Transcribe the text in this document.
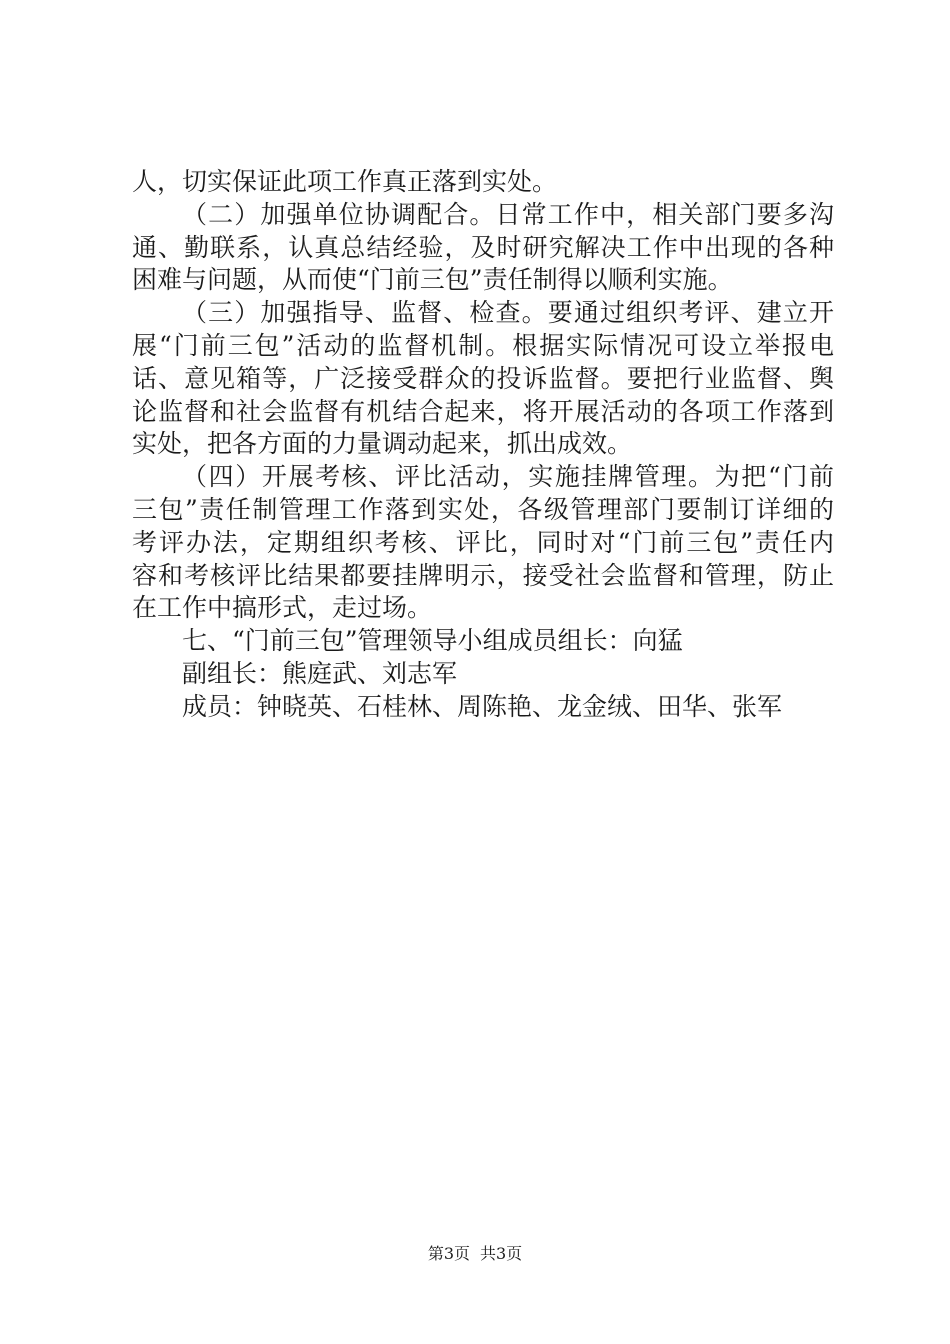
人，切实保证此项工作真正落到实处。
（二）加强单位协调配合。日常工作中，相关部门要多沟
通、勤联系，认真总结经验，及时研究解决工作中出现的各种
困难与问题，从而使“门前三包”责任制得以顺利实施。
（三）加强指导、监督、检查。要通过组织考评、建立开
展“门前三包”活动的监督机制。根据实际情况可设立举报电
话、意见箱等，广泛接受群众的投诉监督。要把行业监督、舆
论监督和社会监督有机结合起来，将开展活动的各项工作落到
实处，把各方面的力量调动起来，抓出成效。
（四）开展考核、评比活动，实施挂牌管理。为把“门前
三包”责任制管理工作落到实处，各级管理部门要制订详细的
考评办法，定期组织考核、评比，同时对“门前三包”责任内
容和考核评比结果都要挂牌明示，接受社会监督和管理，防止
在工作中搞形式，走过场。
七、“门前三包”管理领导小组成员组长：向猛
副组长：熊庭武、刘志军
成员：钟晓英、石桂林、周陈艳、龙金绒、田华、张军
第3页 共3页
